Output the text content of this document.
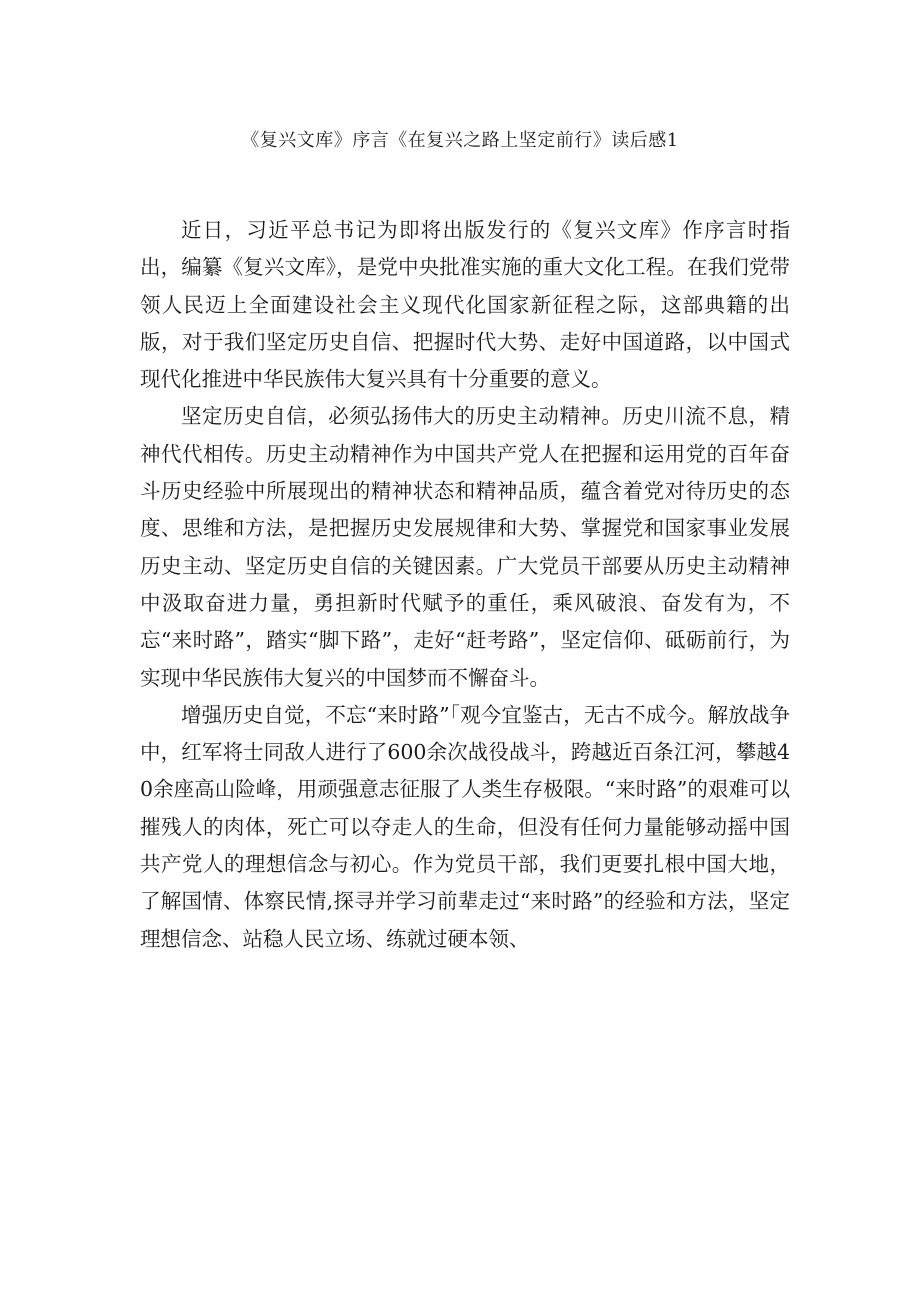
《复兴文库》序言《在复兴之路上坚定前行》读后感1

近日，习近平总书记为即将出版发行的《复兴文库》作序言时指出，编纂《复兴文库》，是党中央批准实施的重大文化工程。在我们党带领人民迈上全面建设社会主义现代化国家新征程之际，这部典籍的出版，对于我们坚定历史自信、把握时代大势、走好中国道路，以中国式现代化推进中华民族伟大复兴具有十分重要的意义。

坚定历史自信，必须弘扬伟大的历史主动精神。历史川流不息，精神代代相传。历史主动精神作为中国共产党人在把握和运用党的百年奋斗历史经验中所展现出的精神状态和精神品质，蕴含着党对待历史的态度、思维和方法，是把握历史发展规律和大势、掌握党和国家事业发展历史主动、坚定历史自信的关键因素。广大党员干部要从历史主动精神中汲取奋进力量，勇担新时代赋予的重任，乘风破浪、奋发有为，不忘“来时路”，踏实“脚下路”，走好“赶考路”，坚定信仰、砥砺前行，为实现中华民族伟大复兴的中国梦而不懈奋斗。

增强历史自觉，不忘“来时路”「观今宜鉴古，无古不成今。解放战争中，红军将士同敌人进行了600余次战役战斗，跨越近百条江河，攀越40余座高山险峰，用顽强意志征服了人类生存极限。“来时路”的艰难可以摧残人的肉体，死亡可以夺走人的生命，但没有任何力量能够动摇中国共产党人的理想信念与初心。作为党员干部，我们更要扎根中国大地，了解国情、体察民情,探寻并学习前辈走过“来时路”的经验和方法，坚定理想信念、站稳人民立场、练就过硬本领、
